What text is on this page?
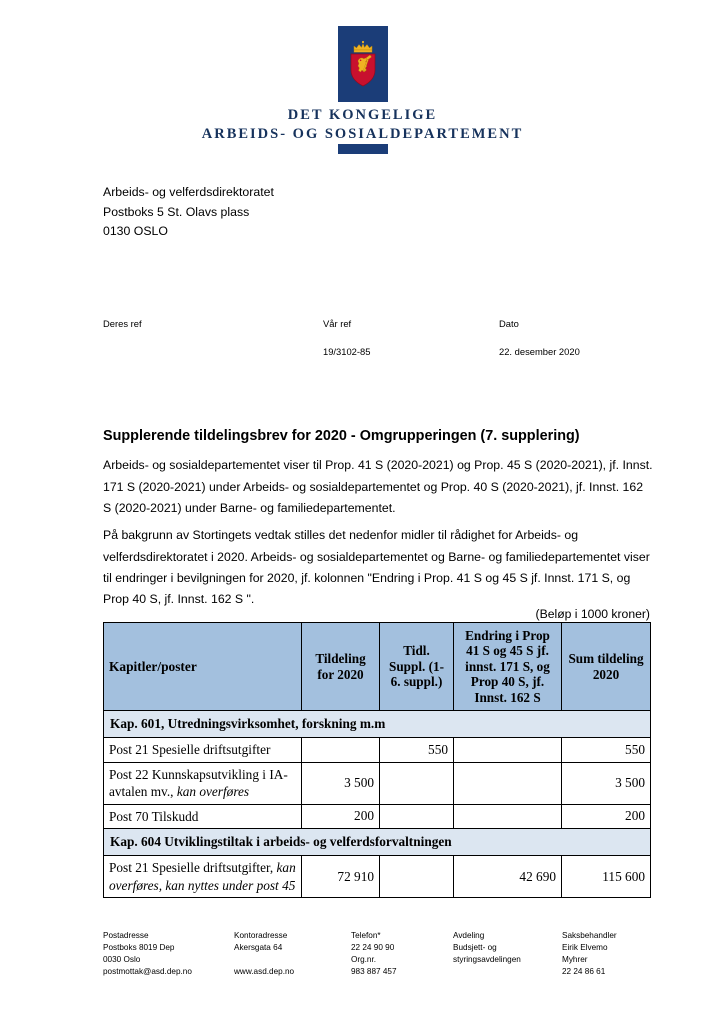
DET KONGELIGE
ARBEIDS- OG SOSIALDEPARTEMENT
Arbeids- og velferdsdirektoratet
Postboks 5 St. Olavs plass
0130 OSLO
Deres ref	Vår ref
19/3102-85
Dato
22. desember 2020
Supplerende tildelingsbrev for 2020 - Omgrupperingen (7. supplering)

Arbeids- og sosialdepartementet viser til Prop. 41 S (2020-2021) og Prop. 45 S (2020-2021), jf. Innst. 171 S (2020-2021) under Arbeids- og sosialdepartementet og Prop. 40 S (2020-2021), jf. Innst. 162 S (2020-2021) under Barne- og familiedepartementet.

På bakgrunn av Stortingets vedtak stilles det nedenfor midler til rådighet for Arbeids- og velferdsdirektoratet i 2020. Arbeids- og sosialdepartementet og Barne- og familiedepartementet viser til endringer i bevilgningen for 2020, jf. kolonnen "Endring i Prop. 41 S og 45 S jf. Innst. 171 S, og Prop 40 S, jf. Innst. 162 S ".

(Beløp i 1000 kroner)
Kapitler/poster	Tildeling for 2020	Tidl. Suppl. (1-6. suppl.)	Endring i Prop 41 S og 45 S jf. innst. 171 S, og Prop 40 S, jf. Innst. 162 S	Sum tildeling 2020
Kap. 601, Utredningsvirksomhet, forskning m.m				
Post 21 Spesielle driftsutgifter		550		550
Post 22 Kunnskapsutvikling i IA-avtalen mv., kan overføres	3 500			3 500
Post 70 Tilskudd	200			200
Kap. 604 Utviklingstiltak i arbeids- og velferdsforvaltningen				
Post 21 Spesielle driftsutgifter, kan overføres, kan nyttes under post 45	72 910		42 690	115 600
Postadresse
Postboks 8019 Dep
0030 Oslo
postmottak@asd.dep.no
Kontoradresse
Akersgata 64

www.asd.dep.no
Telefon*
22 24 90 90
Org.nr.
983 887 457
Avdeling
Budsjett- og
styringsavdelingen
Saksbehandler
Eirik Elvemo
Myhrer
22 24 86 61
